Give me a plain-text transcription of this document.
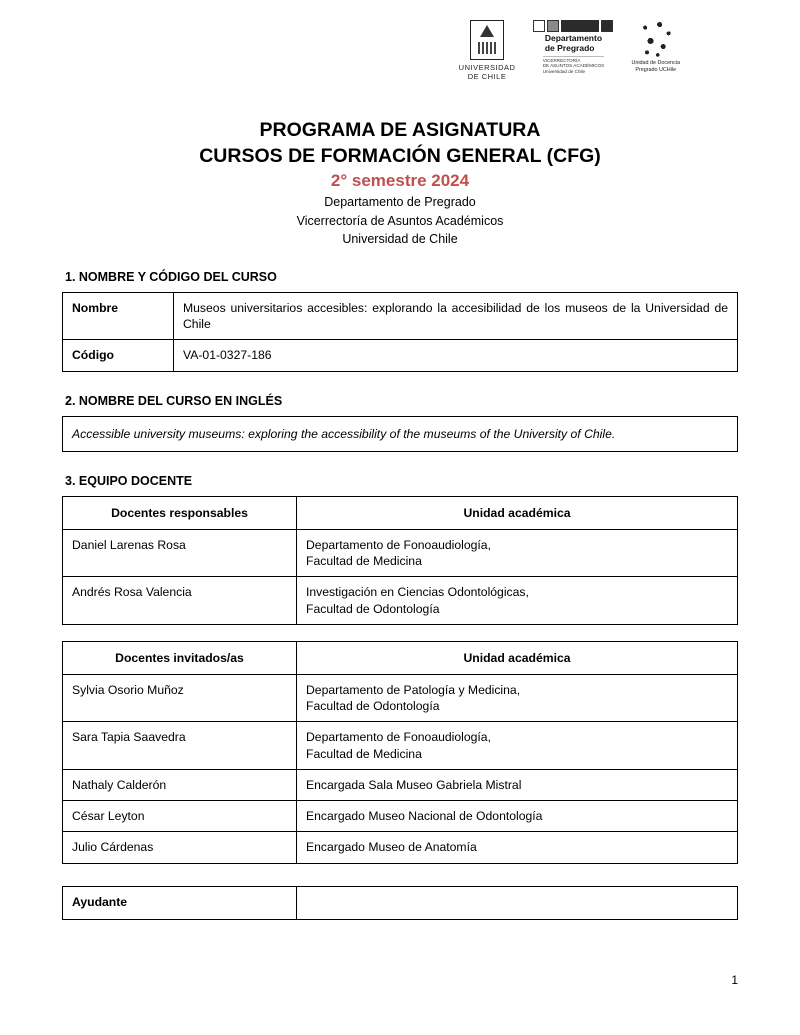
UNIVERSIDAD
DE CHILE
Departamento
de Pregrado
VICERRECTORÍA
DE ASUNTOS ACADÉMICOS
Universidad de Chile
Unidad de Docencia
Pregrado UCHile
PROGRAMA DE ASIGNATURA
CURSOS DE FORMACIÓN GENERAL (CFG)
2° semestre 2024
Departamento de Pregrado
Vicerrectoría de Asuntos Académicos
Universidad de Chile
1. NOMBRE Y CÓDIGO DEL CURSO
Nombre	Museos universitarios accesibles: explorando la accesibilidad de los museos de la Universidad de Chile
Código	VA-01-0327-186
2. NOMBRE DEL CURSO EN INGLÉS
Accessible university museums: exploring the accessibility of the museums of the University of Chile.
3. EQUIPO DOCENTE
Docentes responsables	Unidad académica
Daniel Larenas Rosa	Departamento de Fonoaudiología,
Facultad de Medicina

Andrés Rosa Valencia	Investigación en Ciencias Odontológicas,
Facultad de Odontología
Docentes invitados/as	Unidad académica
Sylvia Osorio Muñoz	Departamento de Patología y Medicina,
Facultad de Odontología

Sara Tapia Saavedra	Departamento de Fonoaudiología,
Facultad de Medicina

Nathaly Calderón	Encargada Sala Museo Gabriela Mistral
César Leyton	Encargado Museo Nacional de Odontología
Julio Cárdenas	Encargado Museo de Anatomía
Ayudante	
1
